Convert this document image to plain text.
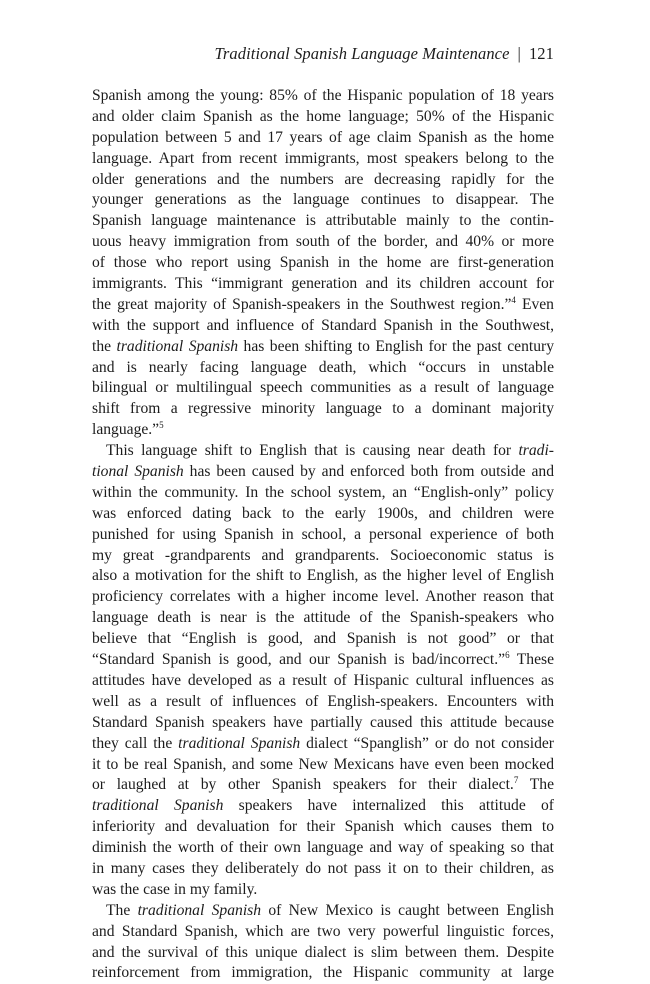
Traditional Spanish Language Maintenance | 121
Spanish among the young: 85% of the Hispanic population of 18 years
and older claim Spanish as the home language; 50% of the Hispanic
population between 5 and 17 years of age claim Spanish as the home
language. Apart from recent immigrants, most speakers belong to the
older generations and the numbers are decreasing rapidly for the
younger generations as the language continues to disappear. The
Spanish language maintenance is attributable mainly to the contin-
uous heavy immigration from south of the border, and 40% or more
of those who report using Spanish in the home are first-generation
immigrants. This “immigrant generation and its children account for
the great majority of Spanish-speakers in the Southwest region.”$^4$ Even
with the support and influence of Standard Spanish in the Southwest,
the traditional Spanish has been shifting to English for the past century
and is nearly facing language death, which “occurs in unstable
bilingual or multilingual speech communities as a result of language
shift from a regressive minority language to a dominant majority
language.”$^5$
This language shift to English that is causing near death for tradi-
tional Spanish has been caused by and enforced both from outside and
within the community. In the school system, an “English-only” policy
was enforced dating back to the early 1900s, and children were
punished for using Spanish in school, a personal experience of both
my great -grandparents and grandparents. Socioeconomic status is
also a motivation for the shift to English, as the higher level of English
proficiency correlates with a higher income level. Another reason that
language death is near is the attitude of the Spanish-speakers who
believe that “English is good, and Spanish is not good” or that
“Standard Spanish is good, and our Spanish is bad/incorrect.”$^6$ These
attitudes have developed as a result of Hispanic cultural influences as
well as a result of influences of English-speakers. Encounters with
Standard Spanish speakers have partially caused this attitude because
they call the traditional Spanish dialect “Spanglish” or do not consider
it to be real Spanish, and some New Mexicans have even been mocked
or laughed at by other Spanish speakers for their dialect.$^7$ The
traditional Spanish speakers have internalized this attitude of
inferiority and devaluation for their Spanish which causes them to
diminish the worth of their own language and way of speaking so that
in many cases they deliberately do not pass it on to their children, as
was the case in my family.
The traditional Spanish of New Mexico is caught between English
and Standard Spanish, which are two very powerful linguistic forces,
and the survival of this unique dialect is slim between them. Despite
reinforcement from immigration, the Hispanic community at large
